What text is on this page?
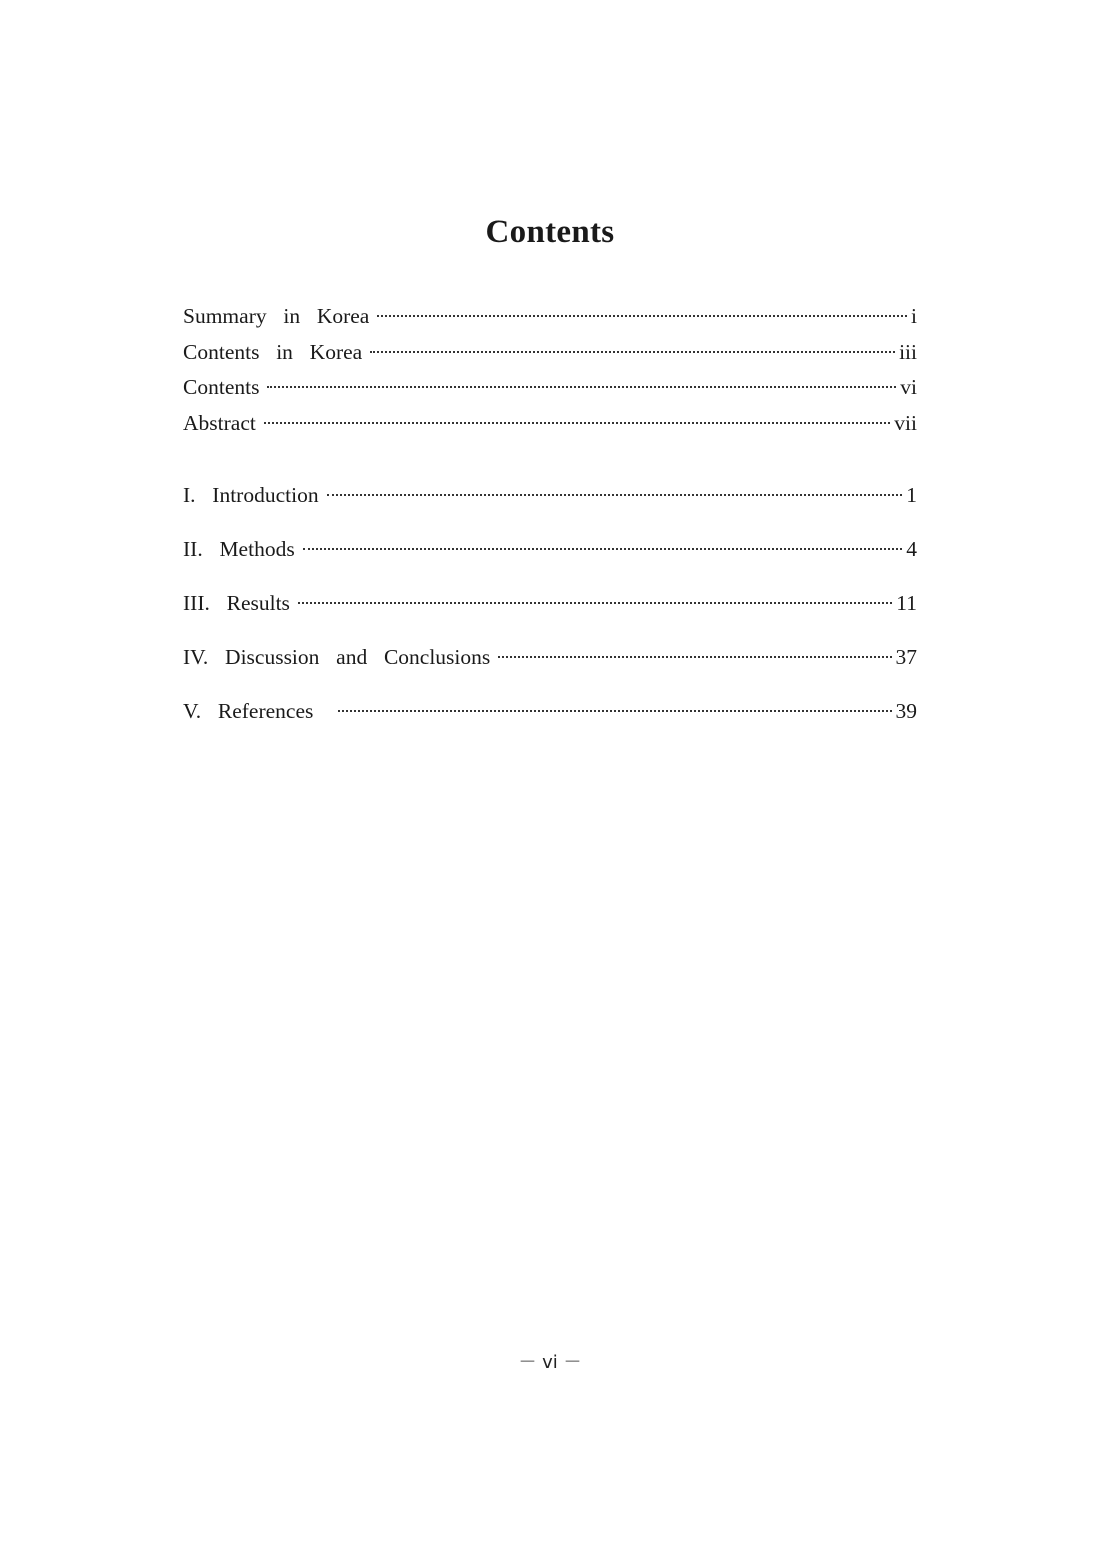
Contents
Summary  in  Korea	i
Contents  in  Korea	iii
Contents	vi
Abstract	vii
I.  Introduction	1
II.  Methods	4
III.  Results	11
IV.  Discussion  and  Conclusions	37
V.  References	39
－ vi －
